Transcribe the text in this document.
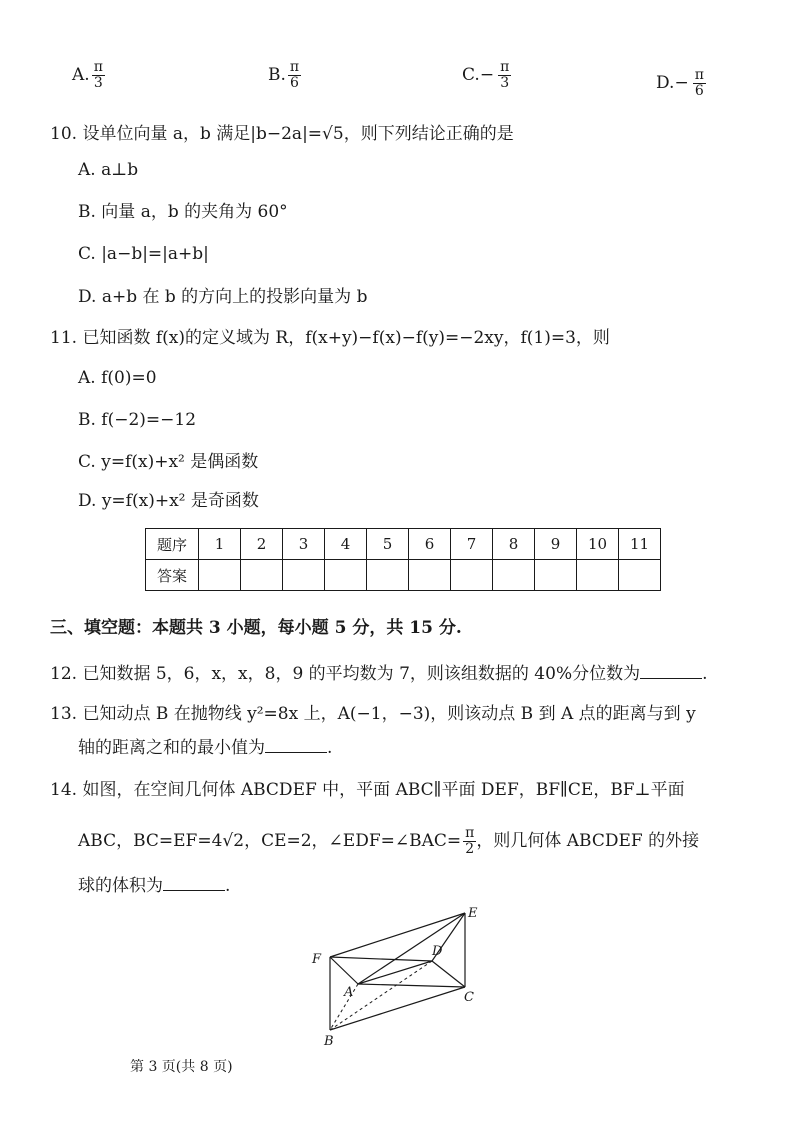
A. $\frac{\pi}{3}$	B. $\frac{\pi}{6}$	$C.- \frac{\pi}{3}$	$D.- \frac{\pi}{6}$
10. 设单位向量 a，b 满足|b−2a|=√5，则下列结论正确的是
A. a⊥b
B. 向量 a，b 的夹角为 60°
C. |a−b|=|a+b|
D. a+b 在 b 的方向上的投影向量为 b
11. 已知函数 f(x)的定义域为 R，f(x+y)−f(x)−f(y)=−2xy，f(1)=3，则
A. f(0)=0
B. f(−2)=−12
C. y=f(x)+x² 是偶函数
D. y=f(x)+x² 是奇函数
题序	1	2	3	4	5	6	7	8	9	10	11
答案											
三、填空题：本题共 3 小题，每小题 5 分，共 15 分.
12. 已知数据 5，6，x，x，8，9 的平均数为 7，则该组数据的 40%分位数为	.
13. 已知动点 B 在抛物线 y²=8x 上，A(−1，−3)，则该动点 B 到 A 点的距离与到 y
轴的距离之和的最小值为	.
14. 如图，在空间几何体 ABCDEF 中，平面 ABC∥平面 DEF，BF∥CE，BF⊥平面
ABC，BC=EF=4√2，CE=2，∠EDF=∠BAC= $\frac{\pi}{2}$ ，则几何体 ABCDEF 的外接
球的体积为	.
E
F
D
A	C
B
第 3 页(共 8 页)
